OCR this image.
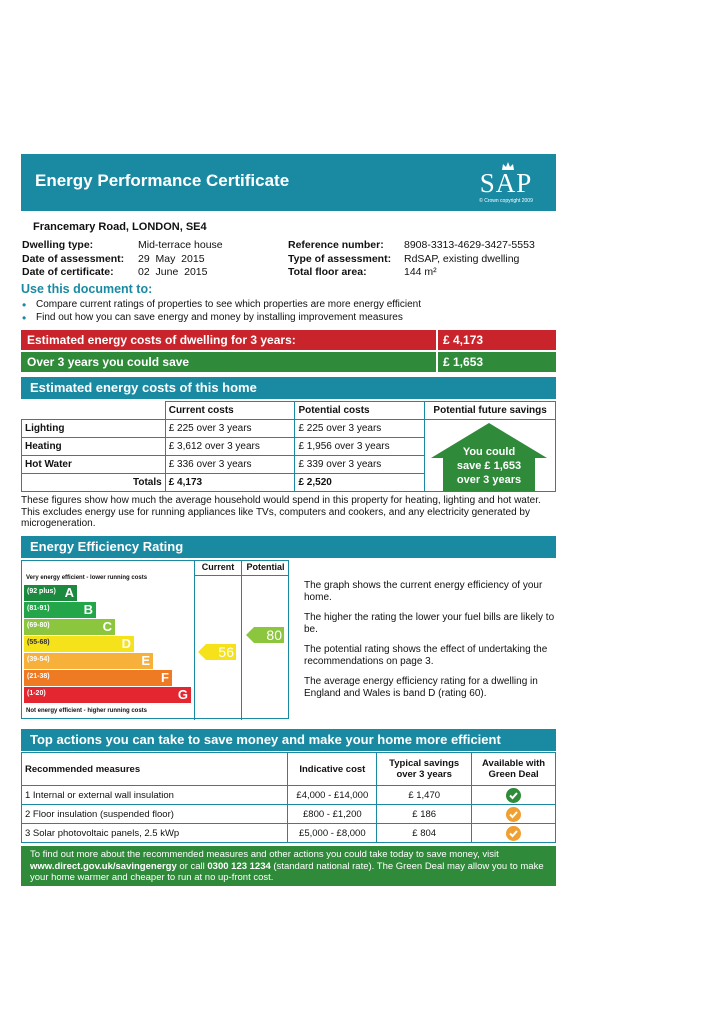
Energy Performance Certificate	SAP
© Crown copyright 2009
Francemary Road, LONDON, SE4
Dwelling type:	Mid-terrace house
Date of assessment: 29  May  2015
Date of certificate: 02  June  2015
Reference number: 8908-3313-4629-3427-5553
Type of assessment: RdSAP, existing dwelling
Total floor area:	144 m²
Use this document to:
• Compare current ratings of properties to see which properties are more energy efficient
• Find out how you can save energy and money by installing improvement measures
Estimated energy costs of dwelling for 3 years:	£ 4,173
Over 3 years you could save	£ 1,653
Estimated energy costs of this home
	Current costs	Potential costs	Potential future savings
Lighting	£ 225 over 3 years	£ 225 over 3 years	
Heating	£ 3,612 over 3 years	£ 1,956 over 3 years	
Hot Water	£ 336 over 3 years	£ 339 over 3 years	
Totals	£ 4,173	£ 2,520	
You could
save £ 1,653
over 3 years
These figures show how much the average household would spend in this property for heating, lighting and hot water. This excludes energy use for running appliances like TVs, computers and cookers, and any electricity generated by microgeneration.
Energy Efficiency Rating
Current	Potential
Very energy efficient - lower running costs
Not energy efficient - higher running costs
(92 plus) A
(81-91)	B
(69-80)	C
(55-68)	D
(39-54)	E
(21-38)	F
(1-20)	G
56
80

The graph shows the current energy efficiency of your home.

The higher the rating the lower your fuel bills are likely to be.

The potential rating shows the effect of undertaking the recommendations on page 3.

The average energy efficiency rating for a dwelling in England and Wales is band D (rating 60).

Top actions you can take to save money and make your home more efficient
Recommended measures	Indicative cost	Typical savings over 3 years	Available with Green Deal
1 Internal or external wall insulation	£4,000 - £14,000	£ 1,470	

2 Floor insulation (suspended floor)	£800 - £1,200	£ 186	

3 Solar photovoltaic panels, 2.5 kWp	£5,000 - £8,000	£ 804	
To find out more about the recommended measures and other actions you could take today to save money, visit www.direct.gov.uk/savingenergy or call 0300 123 1234 (standard national rate). The Green Deal may allow you to make your home warmer and cheaper to run at no up-front cost.
